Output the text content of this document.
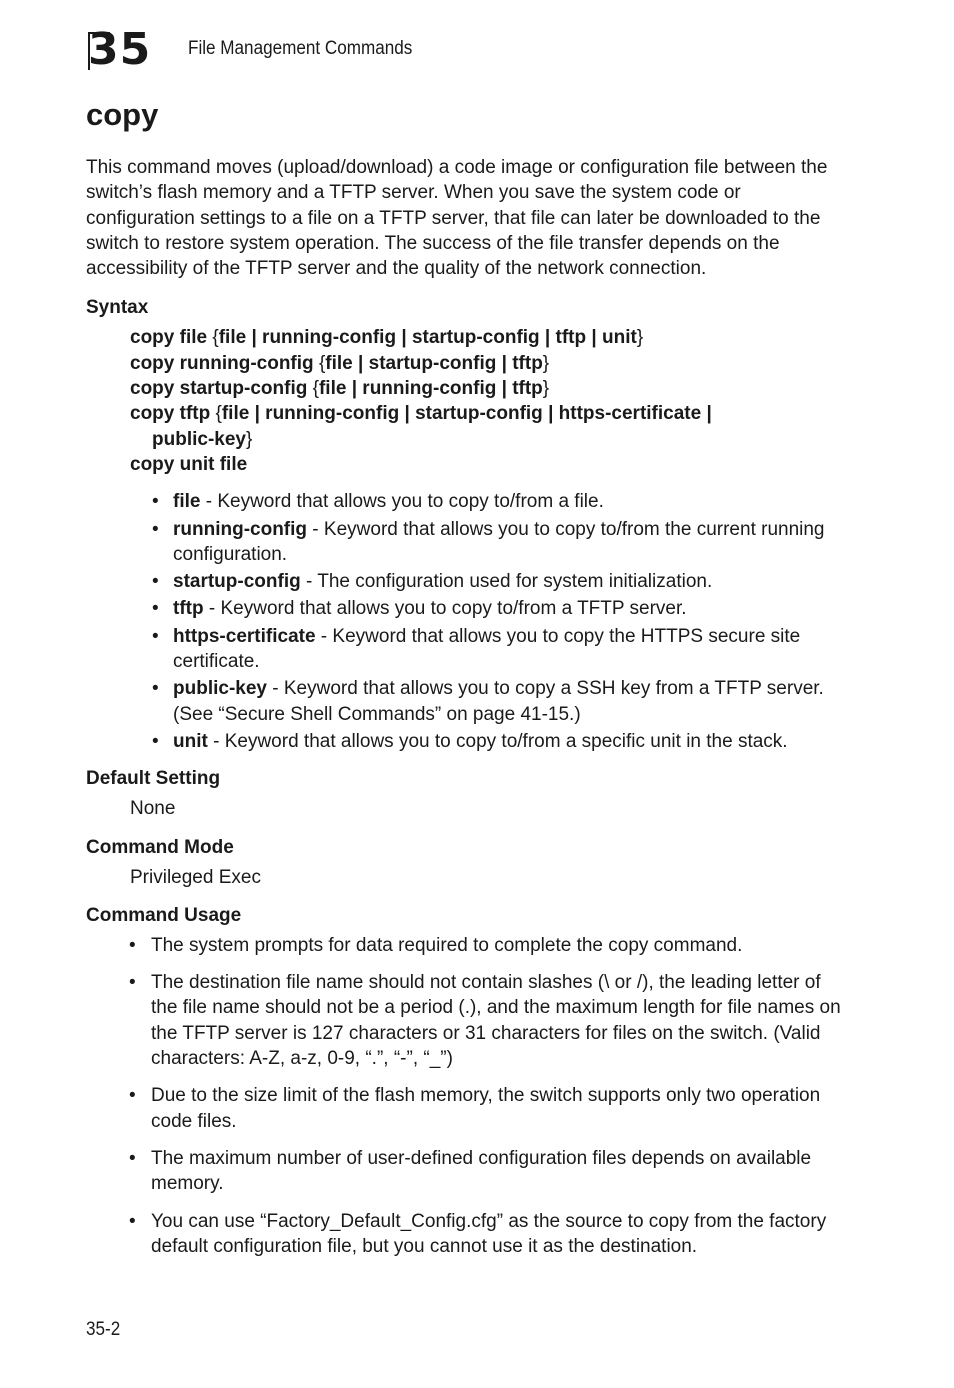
35 File Management Commands
copy

This command moves (upload/download) a code image or configuration file between the switch’s flash memory and a TFTP server. When you save the system code or configuration settings to a file on a TFTP server, that file can later be downloaded to the switch to restore system operation. The success of the file transfer depends on the accessibility of the TFTP server and the quality of the network connection.

Syntax
copy file {file | running-config | startup-config | tftp | unit}
copy running-config {file | startup-config | tftp}
copy startup-config {file | running-config | tftp}
copy tftp {file | running-config | startup-config | https-certificate |
public-key}
copy unit file
• file - Keyword that allows you to copy to/from a file.
• running-config - Keyword that allows you to copy to/from the current running configuration.
• startup-config - The configuration used for system initialization.
• tftp - Keyword that allows you to copy to/from a TFTP server.
• https-certificate - Keyword that allows you to copy the HTTPS secure site certificate.
• public-key - Keyword that allows you to copy a SSH key from a TFTP server. (See “Secure Shell Commands” on page 41-15.)
• unit - Keyword that allows you to copy to/from a specific unit in the stack.
Default Setting
None
Command Mode
Privileged Exec
Command Usage
• The system prompts for data required to complete the copy command.
• The destination file name should not contain slashes (\ or /), the leading letter of the file name should not be a period (.), and the maximum length for file names on the TFTP server is 127 characters or 31 characters for files on the switch. (Valid characters: A-Z, a-z, 0-9, “.”, “-”, “_”)
• Due to the size limit of the flash memory, the switch supports only two operation code files.
• The maximum number of user-defined configuration files depends on available memory.
• You can use “Factory_Default_Config.cfg” as the source to copy from the factory default configuration file, but you cannot use it as the destination.
35-2
